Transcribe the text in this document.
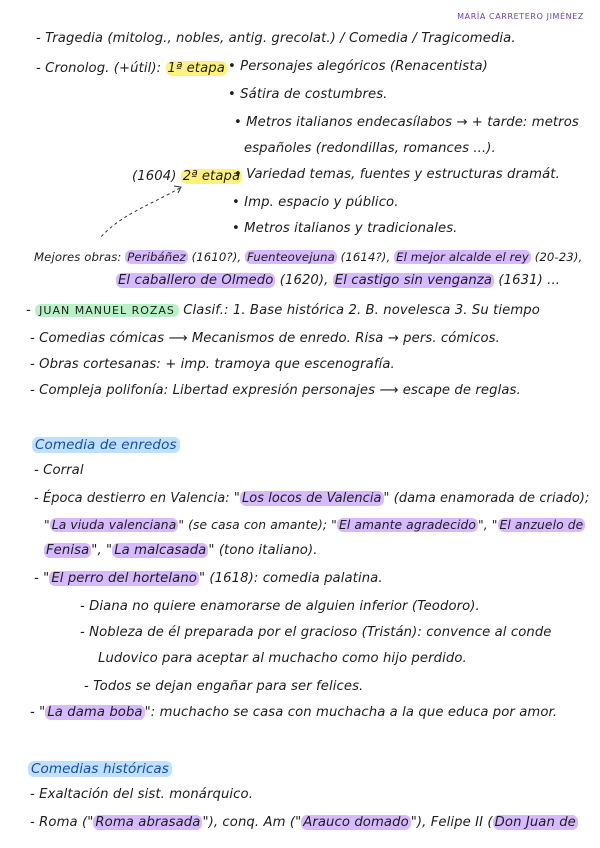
MARÍA CARRETERO JIMÉNEZ
- Tragedia (mitolog., nobles, antig. grecolat.) / Comedia / Tragicomedia.
- Cronolog. (+útil): 1ª etapa • Personajes alegóricos (Renacentista)
• Sátira de costumbres.
• Metros italianos endecasílabos → + tarde: metros
españoles (redondillas, romances ...).
(1604) 2ª etapa
• Variedad temas, fuentes y estructuras dramát.
• Imp. espacio y público.
• Metros italianos y tradicionales.
Mejores obras: Peribáñez (1610?), Fuenteovejuna (1614?), El mejor alcalde el rey (20-23),
El caballero de Olmedo (1620), El castigo sin venganza (1631) ...
- JUAN MANUEL ROZAS Clasif.: 1. Base histórica 2. B. novelesca 3. Su tiempo
- Comedias cómicas ⟶ Mecanismos de enredo. Risa → pers. cómicos.
- Obras cortesanas: + imp. tramoya que escenografía.
- Compleja polifonía: Libertad expresión personajes ⟶ escape de reglas.
Comedia de enredos
- Corral
- Época destierro en Valencia: " Los locos de Valencia " (dama enamorada de criado);
" La viuda valenciana " (se casa con amante); " El amante agradecido ", " El anzuelo de
Fenisa ", " La malcasada " (tono italiano).
- " El perro del hortelano " (1618): comedia palatina.
- Diana no quiere enamorarse de alguien inferior (Teodoro).
- Nobleza de él preparada por el gracioso (Tristán): convence al conde
Ludovico para aceptar al muchacho como hijo perdido.
- Todos se dejan engañar para ser felices.
- " La dama boba ": muchacho se casa con muchacha a la que educa por amor.
Comedias históricas
- Exaltación del sist. monárquico.
- Roma (" Roma abrasada "), conq. Am (" Arauco domado "), Felipe II ( Don Juan de
